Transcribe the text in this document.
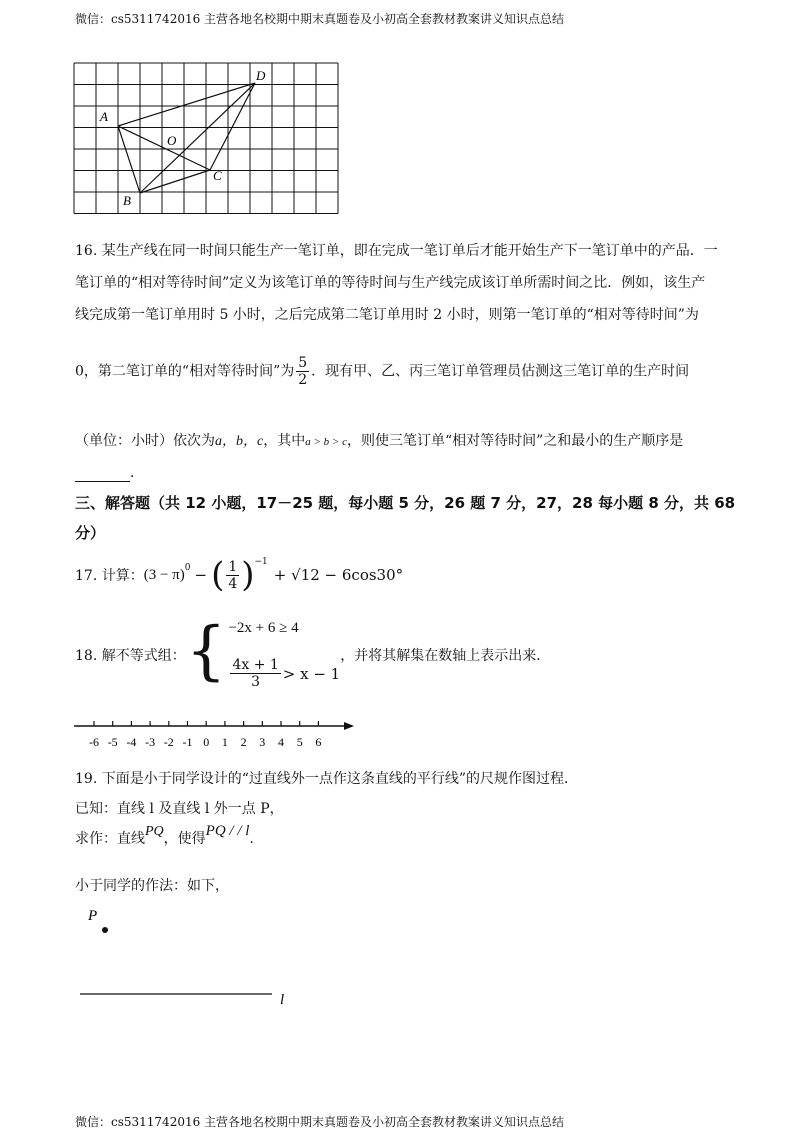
微信：cs5311742016 主营各地名校期中期末真题卷及小初高全套教材教案讲义知识点总结
D
A
O
C
B
16. 某生产线在同一时间只能生产一笔订单，即在完成一笔订单后才能开始生产下一笔订单中的产品．一
笔订单的“相对等待时间”定义为该笔订单的等待时间与生产线完成该订单所需时间之比．例如，该生产
线完成第一笔订单用时 5 小时，之后完成第二笔订单用时 2 小时，则第一笔订单的“相对等待时间”为
0，第二笔订单的“相对等待时间”为 $\frac{5}{2}$ ．现有甲、乙、丙三笔订单管理员估测这三笔订单的生产时间
（单位：小时）依次为a，b，c，其中a > b > c，则使三笔订单“相对等待时间”之和最小的生产顺序是
．
三、解答题（共 12 小题，17－25 题，每小题 5 分，26 题 7 分，27，28 每小题 8 分，共 68
分）
17. 计算： $(3 - \pi)^0$ − ( $\frac{1}{4} )^{-1}$
+ √12 − 6cos30°
18. 解不等式组： { −2x + 6 ≥ 4
$\frac{4x + 1}{3} > x - 1$
，并将其解集在数轴上表示出来．
-6 -5 -4 -3 -2 -1 0 1 2 3 4 5 6
19. 下面是小于同学设计的“过直线外一点作这条直线的平行线”的尺规作图过程．
已知：直线 l 及直线 l 外一点 P，
求作：直线PQ，使得PQ / / l.
小于同学的作法：如下，
P
l
微信：cs5311742016 主营各地名校期中期末真题卷及小初高全套教材教案讲义知识点总结
